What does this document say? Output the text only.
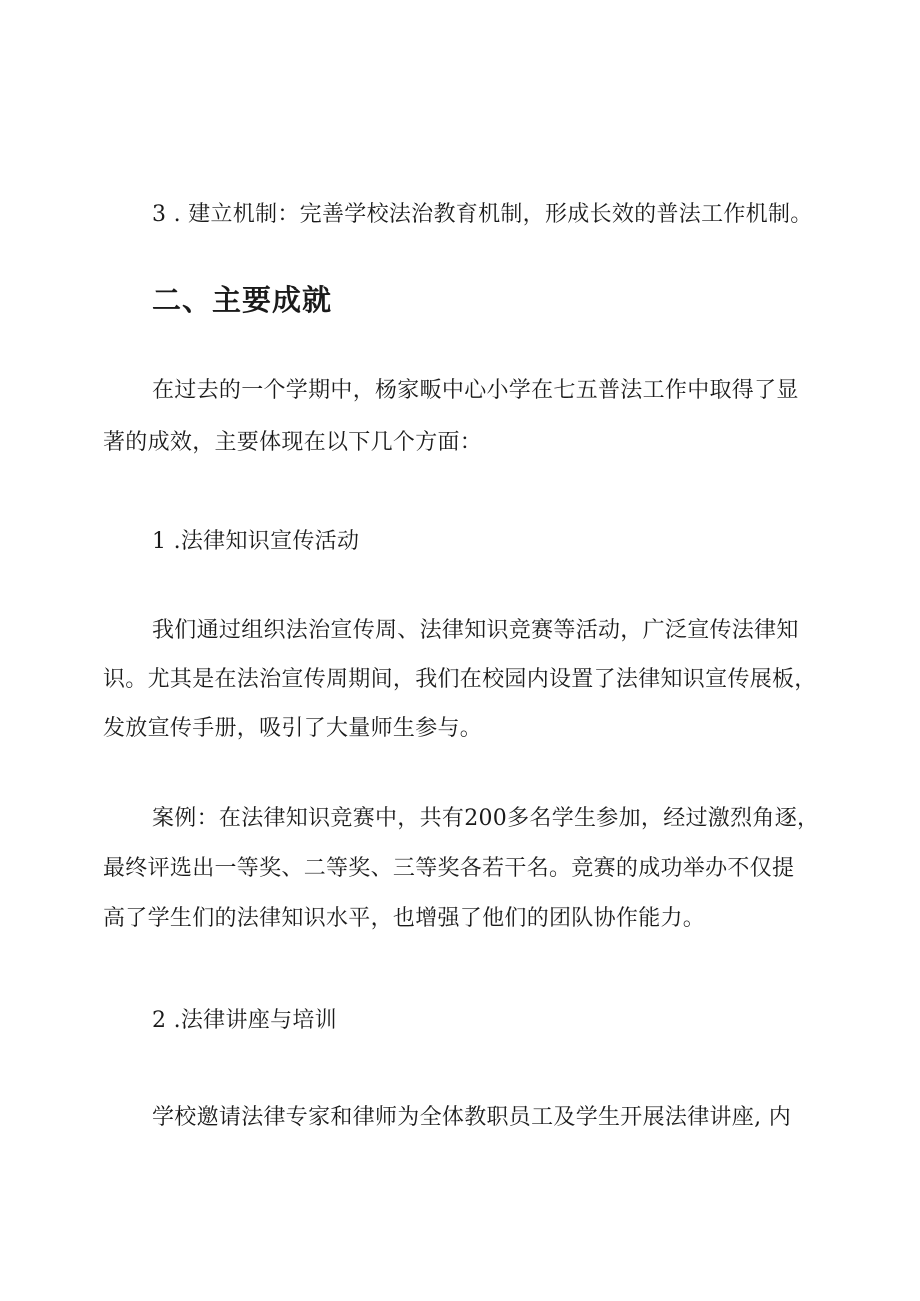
3 . 建立机制：完善学校法治教育机制，形成长效的普法工作机制。

二、主要成就

在过去的一个学期中，杨家畈中心小学在七五普法工作中取得了显

著的成效，主要体现在以下几个方面：

1 .法律知识宣传活动

我们通过组织法治宣传周、法律知识竞赛等活动，广泛宣传法律知

识。尤其是在法治宣传周期间，我们在校园内设置了法律知识宣传展板，

发放宣传手册，吸引了大量师生参与。

案例：在法律知识竞赛中，共有200多名学生参加，经过激烈角逐，

最终评选出一等奖、二等奖、三等奖各若干名。竞赛的成功举办不仅提

高了学生们的法律知识水平，也增强了他们的团队协作能力。

2 .法律讲座与培训

学校邀请法律专家和律师为全体教职员工及学生开展法律讲座, 内
